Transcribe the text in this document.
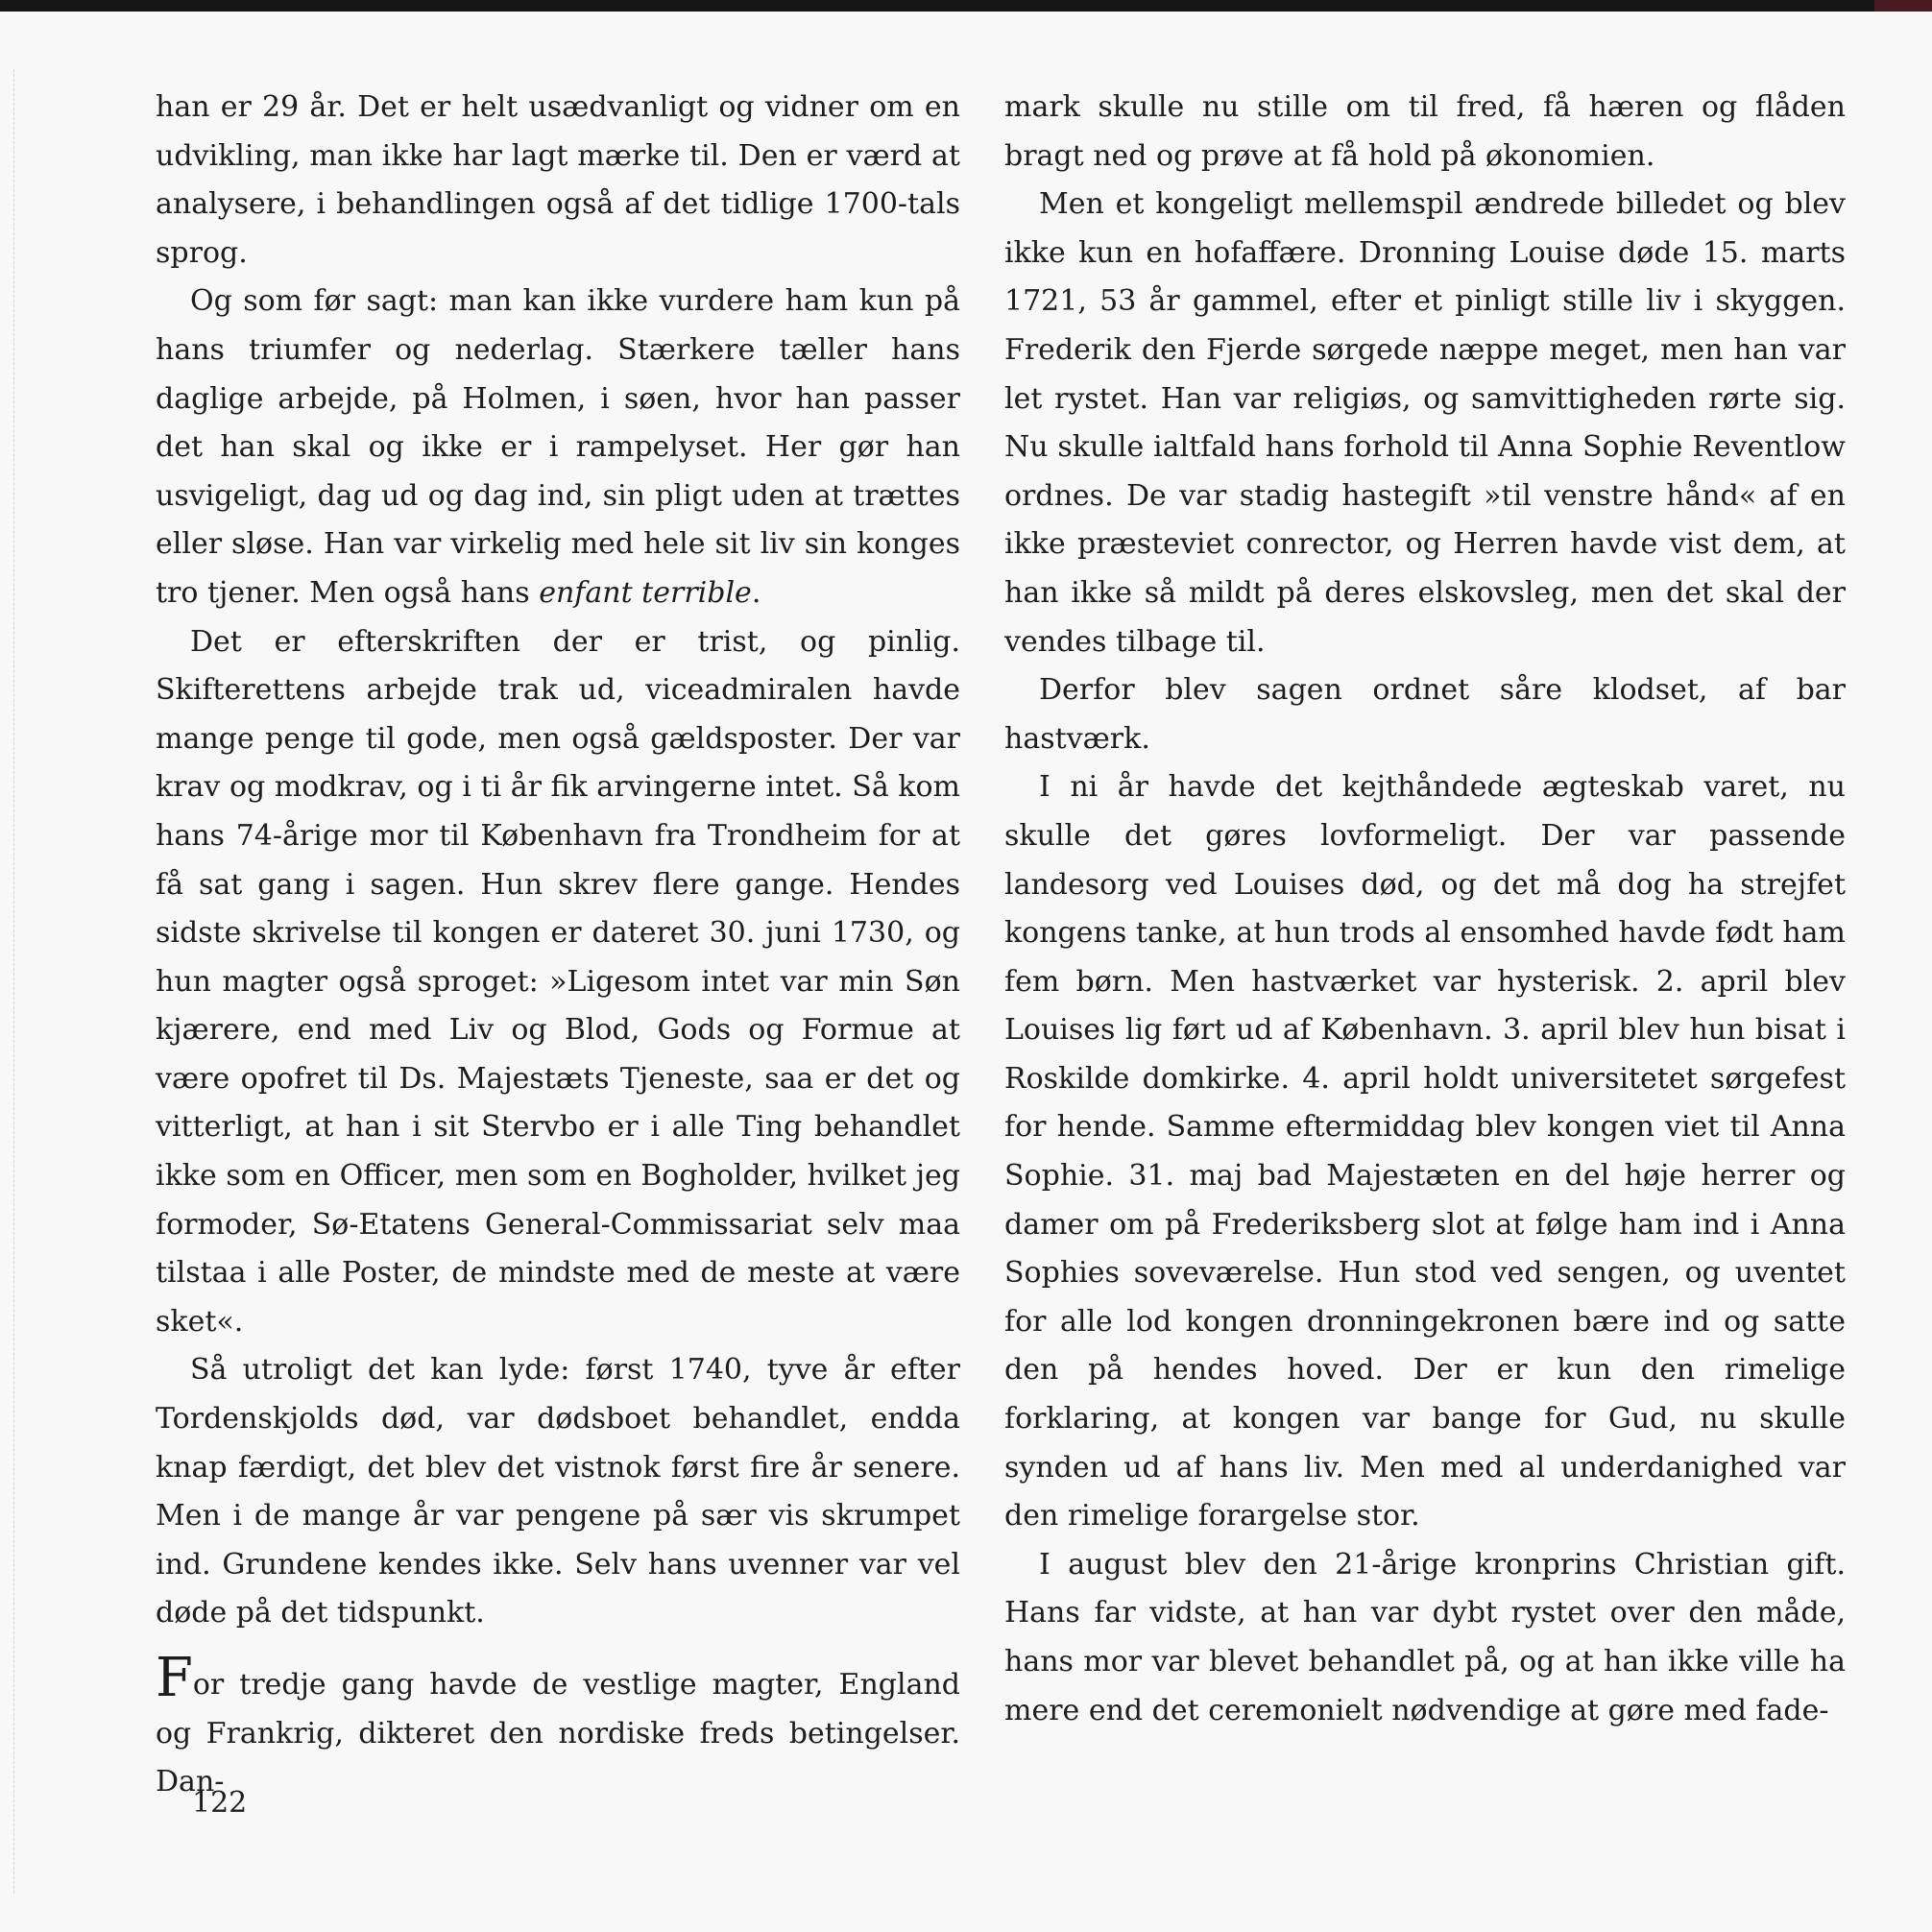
han er 29 år. Det er helt usædvanligt og vidner om en udvikling, man ikke har lagt mærke til. Den er værd at analysere, i behandlingen også af det tidlige 1700-tals sprog.

Og som før sagt: man kan ikke vurdere ham kun på hans triumfer og nederlag. Stærkere tæller hans daglige arbejde, på Holmen, i søen, hvor han passer det han skal og ikke er i rampelyset. Her gør han usvigeligt, dag ud og dag ind, sin pligt uden at trættes eller sløse. Han var virkelig med hele sit liv sin konges tro tjener. Men også hans enfant terrible.

Det er efterskriften der er trist, og pinlig. Skifterettens arbejde trak ud, viceadmiralen havde mange penge til gode, men også gældsposter. Der var krav og modkrav, og i ti år fik arvingerne intet. Så kom hans 74-årige mor til København fra Trondheim for at få sat gang i sagen. Hun skrev flere gange. Hendes sidste skrivelse til kongen er dateret 30. juni 1730, og hun magter også sproget: »Ligesom intet var min Søn kjærere, end med Liv og Blod, Gods og Formue at være opofret til Ds. Majestæts Tjeneste, saa er det og vitterligt, at han i sit Stervbo er i alle Ting behandlet ikke som en Officer, men som en Bogholder, hvilket jeg formoder, Sø-Etatens General-Commissariat selv maa tilstaa i alle Poster, de mindste med de meste at være sket«.

Så utroligt det kan lyde: først 1740, tyve år efter Tordenskjolds død, var dødsboet behandlet, endda knap færdigt, det blev det vistnok først fire år senere. Men i de mange år var pengene på sær vis skrumpet ind. Grundene kendes ikke. Selv hans uvenner var vel døde på det tidspunkt.

For tredje gang havde de vestlige magter, England og Frankrig, dikteret den nordiske freds betingelser. Dan-

mark skulle nu stille om til fred, få hæren og flåden bragt ned og prøve at få hold på økonomien.

Men et kongeligt mellemspil ændrede billedet og blev ikke kun en hofaffære. Dronning Louise døde 15. marts 1721, 53 år gammel, efter et pinligt stille liv i skyggen. Frederik den Fjerde sørgede næppe meget, men han var let rystet. Han var religiøs, og samvittigheden rørte sig. Nu skulle ialtfald hans forhold til Anna Sophie Reventlow ordnes. De var stadig hastegift »til venstre hånd« af en ikke præsteviet conrector, og Herren havde vist dem, at han ikke så mildt på deres elskovsleg, men det skal der vendes tilbage til.

Derfor blev sagen ordnet såre klodset, af bar hastværk.

I ni år havde det kejthåndede ægteskab varet, nu skulle det gøres lovformeligt. Der var passende landesorg ved Louises død, og det må dog ha strejfet kongens tanke, at hun trods al ensomhed havde født ham fem børn. Men hastværket var hysterisk. 2. april blev Louises lig ført ud af København. 3. april blev hun bisat i Roskilde domkirke. 4. april holdt universitetet sørgefest for hende. Samme eftermiddag blev kongen viet til Anna Sophie. 31. maj bad Majestæten en del høje herrer og damer om på Frederiksberg slot at følge ham ind i Anna Sophies soveværelse. Hun stod ved sengen, og uventet for alle lod kongen dronningekronen bære ind og satte den på hendes hoved. Der er kun den rimelige forklaring, at kongen var bange for Gud, nu skulle synden ud af hans liv. Men med al underdanighed var den rimelige forargelse stor.

I august blev den 21-årige kronprins Christian gift. Hans far vidste, at han var dybt rystet over den måde, hans mor var blevet behandlet på, og at han ikke ville ha mere end det ceremonielt nødvendige at gøre med fade-

122
